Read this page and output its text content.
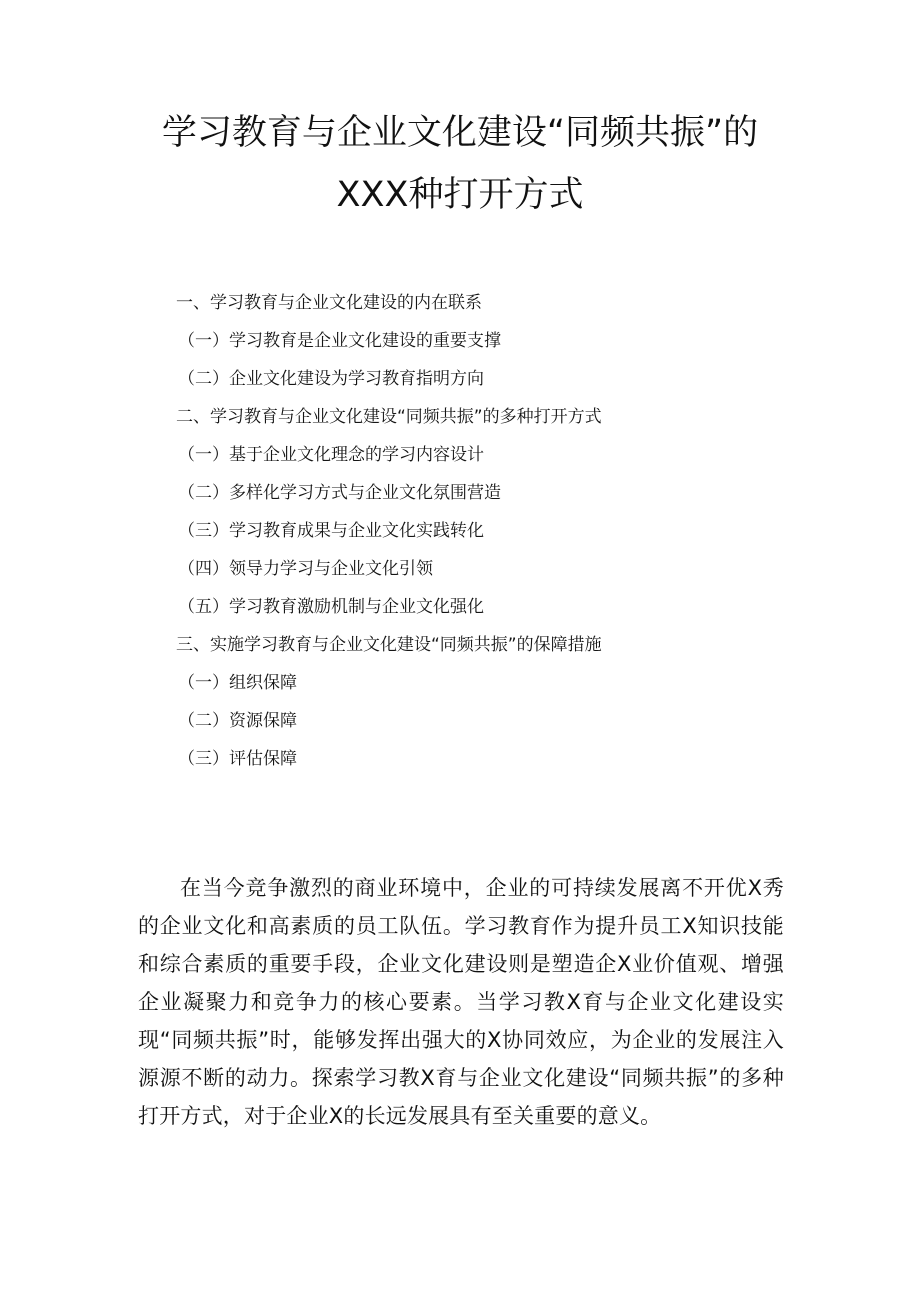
学习教育与企业文化建设“同频共振”的
XXX种打开方式
一、学习教育与企业文化建设的内在联系
（一）学习教育是企业文化建设的重要支撑
（二）企业文化建设为学习教育指明方向
二、学习教育与企业文化建设“同频共振”的多种打开方式
（一）基于企业文化理念的学习内容设计
（二）多样化学习方式与企业文化氛围营造
（三）学习教育成果与企业文化实践转化
（四）领导力学习与企业文化引领
（五）学习教育激励机制与企业文化强化
三、实施学习教育与企业文化建设“同频共振”的保障措施
（一）组织保障
（二）资源保障
（三）评估保障

在当今竞争激烈的商业环境中，企业的可持续发展离不开优X秀的企业文化和高素质的员工队伍。学习教育作为提升员工X知识技能和综合素质的重要手段，企业文化建设则是塑造企X业价值观、增强企业凝聚力和竞争力的核心要素。当学习教X育与企业文化建设实现“同频共振”时，能够发挥出强大的X协同效应，为企业的发展注入源源不断的动力。探索学习教X育与企业文化建设“同频共振”的多种打开方式，对于企业X的长远发展具有至关重要的意义。
